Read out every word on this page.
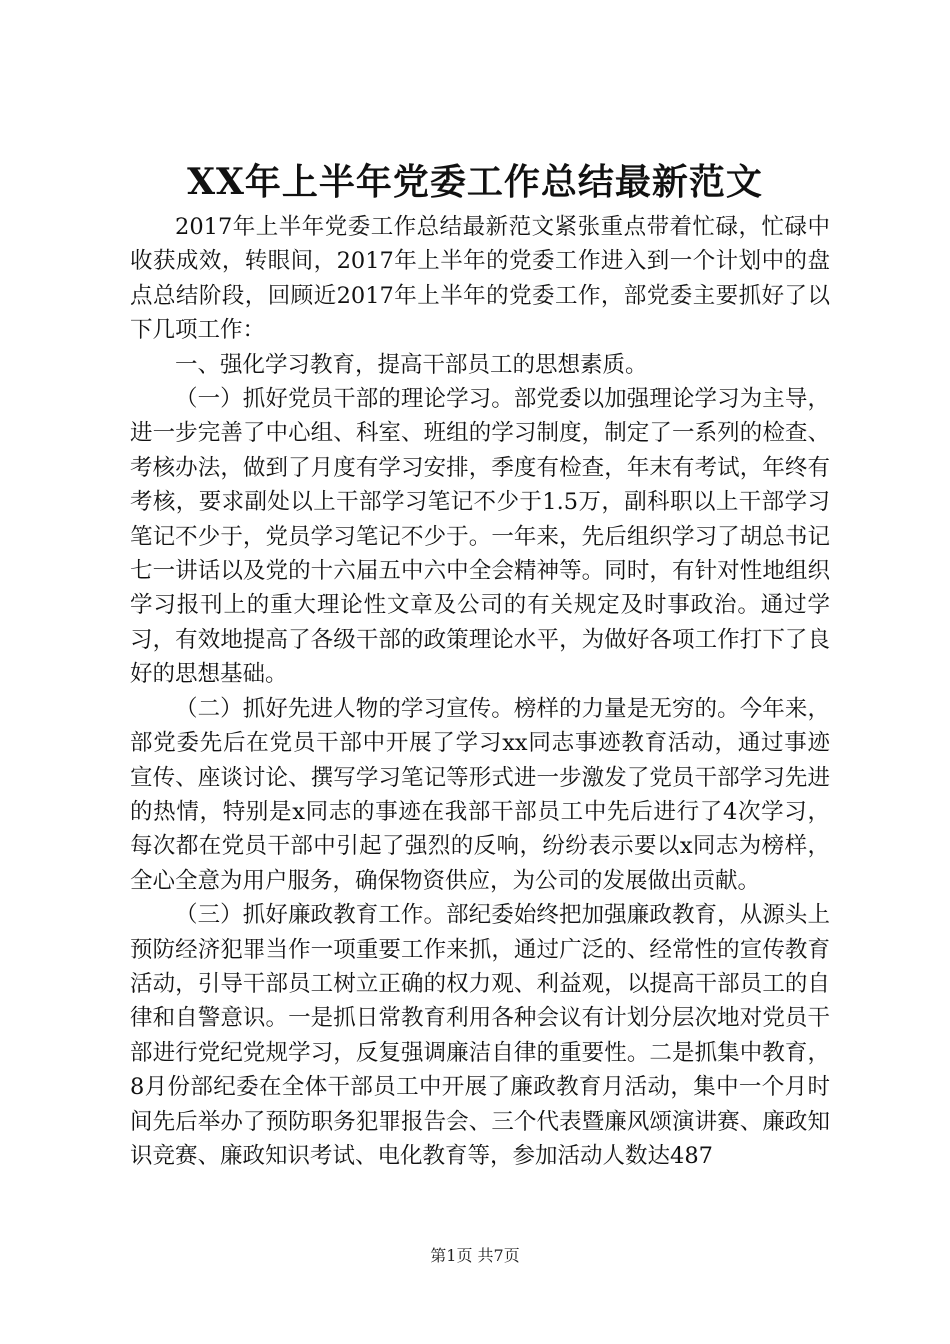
XX年上半年党委工作总结最新范文

2017年上半年党委工作总结最新范文紧张重点带着忙碌，忙碌中收获成效，转眼间，2017年上半年的党委工作进入到一个计划中的盘点总结阶段，回顾近2017年上半年的党委工作，部党委主要抓好了以下几项工作：

一、强化学习教育，提高干部员工的思想素质。

（一）抓好党员干部的理论学习。部党委以加强理论学习为主导，进一步完善了中心组、科室、班组的学习制度，制定了一系列的检查、考核办法，做到了月度有学习安排，季度有检查，年末有考试，年终有考核，要求副处以上干部学习笔记不少于1.5万，副科职以上干部学习笔记不少于，党员学习笔记不少于。一年来，先后组织学习了胡总书记七一讲话以及党的十六届五中六中全会精神等。同时，有针对性地组织学习报刊上的重大理论性文章及公司的有关规定及时事政治。通过学习，有效地提高了各级干部的政策理论水平，为做好各项工作打下了良好的思想基础。

（二）抓好先进人物的学习宣传。榜样的力量是无穷的。今年来，部党委先后在党员干部中开展了学习xx同志事迹教育活动，通过事迹宣传、座谈讨论、撰写学习笔记等形式进一步激发了党员干部学习先进的热情，特别是x同志的事迹在我部干部员工中先后进行了4次学习，每次都在党员干部中引起了强烈的反响，纷纷表示要以x同志为榜样，全心全意为用户服务，确保物资供应，为公司的发展做出贡献。

（三）抓好廉政教育工作。部纪委始终把加强廉政教育，从源头上预防经济犯罪当作一项重要工作来抓，通过广泛的、经常性的宣传教育活动，引导干部员工树立正确的权力观、利益观，以提高干部员工的自律和自警意识。一是抓日常教育利用各种会议有计划分层次地对党员干部进行党纪党规学习，反复强调廉洁自律的重要性。二是抓集中教育，8月份部纪委在全体干部员工中开展了廉政教育月活动，集中一个月时间先后举办了预防职务犯罪报告会、三个代表暨廉风颂演讲赛、廉政知识竞赛、廉政知识考试、电化教育等，参加活动人数达487

第1页 共7页
